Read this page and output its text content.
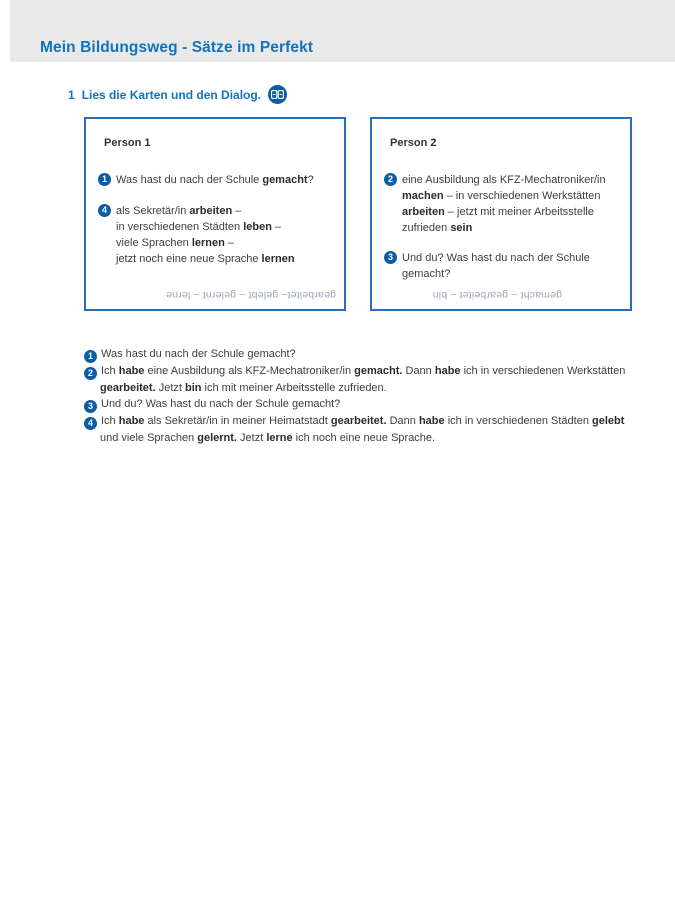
Mein Bildungsweg - Sätze im Perfekt
1 Lies die Karten und den Dialog.
Person 1
1 Was hast du nach der Schule gemacht?
4 als Sekretär/in arbeiten –
in verschiedenen Städten leben –
viele Sprachen lernen –
jetzt noch eine neue Sprache lernen
gearbeitet– gelebt – gelernt – lerne
Person 2
2 eine Ausbildung als KFZ-Mechatroniker/in
machen – in verschiedenen Werkstätten
arbeiten – jetzt mit meiner Arbeitsstelle
zufrieden sein
3 Und du? Was hast du nach der Schule
gemacht?
gemacht – gearbeitet – bin

1 Was hast du nach der Schule gemacht?

2 Ich habe eine Ausbildung als KFZ-Mechatroniker/in gemacht. Dann habe ich in verschiedenen Werkstätten gearbeitet. Jetzt bin ich mit meiner Arbeitsstelle zufrieden.

3 Und du? Was hast du nach der Schule gemacht?

4 Ich habe als Sekretär/in in meiner Heimatstadt gearbeitet. Dann habe ich in verschiedenen Städten gelebt und viele Sprachen gelernt. Jetzt lerne ich noch eine neue Sprache.
